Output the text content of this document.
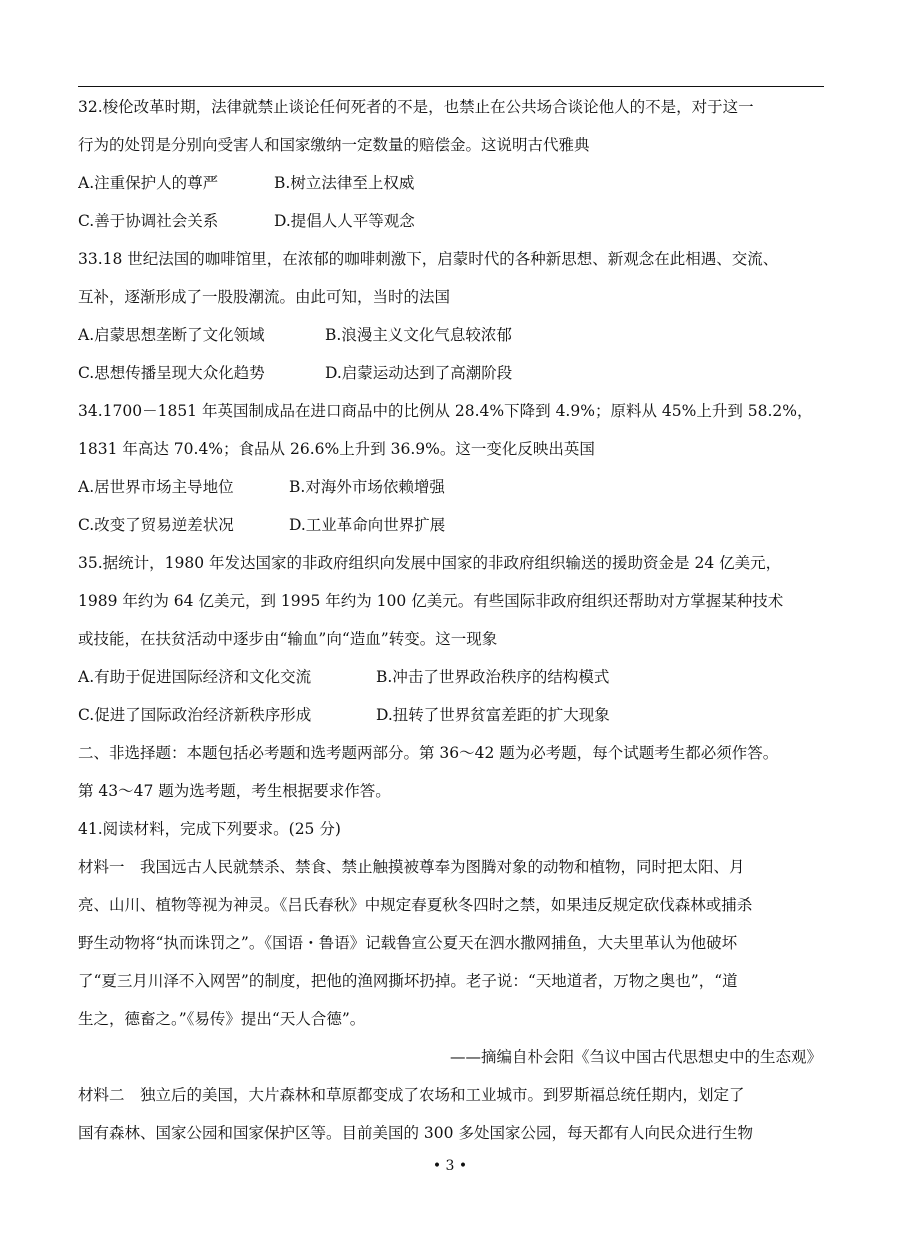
32.梭伦改革时期，法律就禁止谈论任何死者的不是，也禁止在公共场合谈论他人的不是，对于这一
行为的处罚是分别向受害人和国家缴纳一定数量的赔偿金。这说明古代雅典
A.注重保护人的尊严	B.树立法律至上权威
C.善于协调社会关系	D.提倡人人平等观念
33.18 世纪法国的咖啡馆里，在浓郁的咖啡刺激下，启蒙时代的各种新思想、新观念在此相遇、交流、
互补，逐渐形成了一股股潮流。由此可知，当时的法国
A.启蒙思想垄断了文化领域	B.浪漫主义文化气息较浓郁
C.思想传播呈现大众化趋势	D.启蒙运动达到了高潮阶段
34.1700－1851 年英国制成品在进口商品中的比例从 28.4%下降到 4.9%；原料从 45%上升到 58.2%，
1831 年高达 70.4%；食品从 26.6%上升到 36.9%。这一变化反映出英国
A.居世界市场主导地位	B.对海外市场依赖增强
C.改变了贸易逆差状况	D.工业革命向世界扩展
35.据统计，1980 年发达国家的非政府组织向发展中国家的非政府组织输送的援助资金是 24 亿美元，
1989 年约为 64 亿美元，到 1995 年约为 100 亿美元。有些国际非政府组织还帮助对方掌握某种技术
或技能，在扶贫活动中逐步由“输血”向“造血”转变。这一现象
A.有助于促进国际经济和文化交流	B.冲击了世界政治秩序的结构模式
C.促进了国际政治经济新秩序形成	D.扭转了世界贫富差距的扩大现象
二、非选择题：本题包括必考题和选考题两部分。第 36～42 题为必考题，每个试题考生都必须作答。
第 43～47 题为选考题，考生根据要求作答。
41.阅读材料，完成下列要求。(25 分)
材料一　我国远古人民就禁杀、禁食、禁止触摸被尊奉为图腾对象的动物和植物，同时把太阳、月
亮、山川、植物等视为神灵。《吕氏春秋》中规定春夏秋冬四时之禁，如果违反规定砍伐森林或捕杀
野生动物将“执而诛罚之”。《国语・鲁语》记载鲁宣公夏天在泗水撒网捕鱼，大夫里革认为他破坏
了“夏三月川泽不入网罟”的制度，把他的渔网撕坏扔掉。老子说：“天地道者，万物之奥也”，“道
生之，德畜之。”《易传》提出“天人合德”。
——摘编自朴会阳《刍议中国古代思想史中的生态观》
材料二　独立后的美国，大片森林和草原都变成了农场和工业城市。到罗斯福总统任期内，划定了
国有森林、国家公园和国家保护区等。目前美国的 300 多处国家公园，每天都有人向民众进行生物
• 3 •
